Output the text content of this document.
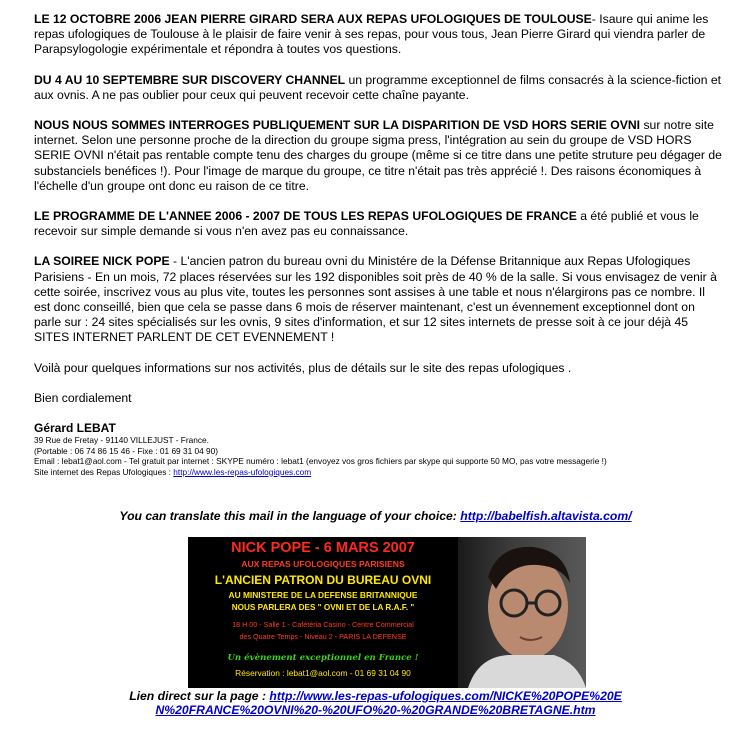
LE 12 OCTOBRE 2006 JEAN PIERRE GIRARD SERA AUX REPAS UFOLOGIQUES DE TOULOUSE- Isaure qui anime les repas ufologiques de Toulouse à le plaisir de faire venir à ses repas, pour vous tous, Jean Pierre Girard qui viendra parler de Parapsylogologie expérimentale et répondra à toutes vos questions.

DU 4 AU 10 SEPTEMBRE SUR DISCOVERY CHANNEL un programme exceptionnel de films consacrés à la science-fiction et aux ovnis. A ne pas oublier pour ceux qui peuvent recevoir cette chaîne payante.

NOUS NOUS SOMMES INTERROGES PUBLIQUEMENT SUR LA DISPARITION DE VSD HORS SERIE OVNI sur notre site internet. Selon une personne proche de la direction du groupe sigma press, l'intégration au sein du groupe de VSD HORS SERIE OVNI n'était pas rentable compte tenu des charges du groupe (même si ce titre dans une petite struture peu dégager de substanciels benéfices !). Pour l'image de marque du groupe, ce titre n'était pas très apprécié !. Des raisons économiques à l'échelle d'un groupe ont donc eu raison de ce titre.

LE PROGRAMME DE L'ANNEE 2006 - 2007 DE TOUS LES REPAS UFOLOGIQUES DE FRANCE a été publié et vous le recevoir sur simple demande si vous n'en avez pas eu connaissance.

LA SOIREE NICK POPE - L'ancien patron du bureau ovni du Ministére de la Défense Britannique aux Repas Ufologiques Parisiens - En un mois, 72 places réservées sur les 192 disponibles soit près de 40 % de la salle. Si vous envisagez de venir à cette soirée, inscrivez vous au plus vite, toutes les personnes sont assises à une table et nous n'élargirons pas ce nombre. Il est donc conseillé, bien que cela se passe dans 6 mois de réserver maintenant, c'est un évennement exceptionnel dont on parle sur : 24 sites spécialisés sur les ovnis, 9 sites d'information, et sur 12 sites internets de presse soit à ce jour déjà 45 SITES INTERNET PARLENT DE CET EVENNEMENT !

Voilà pour quelques informations sur nos activités, plus de détails sur le site des repas ufologiques .

Bien cordialement

Gérard LEBAT
39 Rue de Fretay - 91140 VILLEJUST - France.
(Portable : 06 74 86 15 46 - Fixe : 01 69 31 04 90)
Email : lebat1@aol.com - Tel gratuit par internet : SKYPE numéro : lebat1 (envoyez vos gros fichiers par skype qui supporte 50 MO, pas votre messagerie !)
Site internet des Repas Ufologiques : http://www.les-repas-ufologiques.com
You can translate this mail in the language of your choice: http://babelfish.altavista.com/
NICK POPE - 6 MARS 2007
AUX REPAS UFOLOGIQUES PARISIENS
L'ANCIEN PATRON DU BUREAU OVNI
AU MINISTERE DE LA DEFENSE BRITANNIQUE
NOUS PARLERA DES " OVNI ET DE LA R.A.F. "
18 H 00 - Salle 1 - Cafétéria Casino - Centre Commercial
des Quatre Temps - Niveau 2 - PARIS LA DEFENSE
Un évènement exceptionnel en France !
Réservation : lebat1@aol.com - 01 69 31 04 90
Lien direct sur la page : http://www.les-repas-ufologiques.com/NICKE%20POPE%20EN%20FRANCE%20OVNI%20-%20UFO%20-%20GRANDE%20BRETAGNE.htm
